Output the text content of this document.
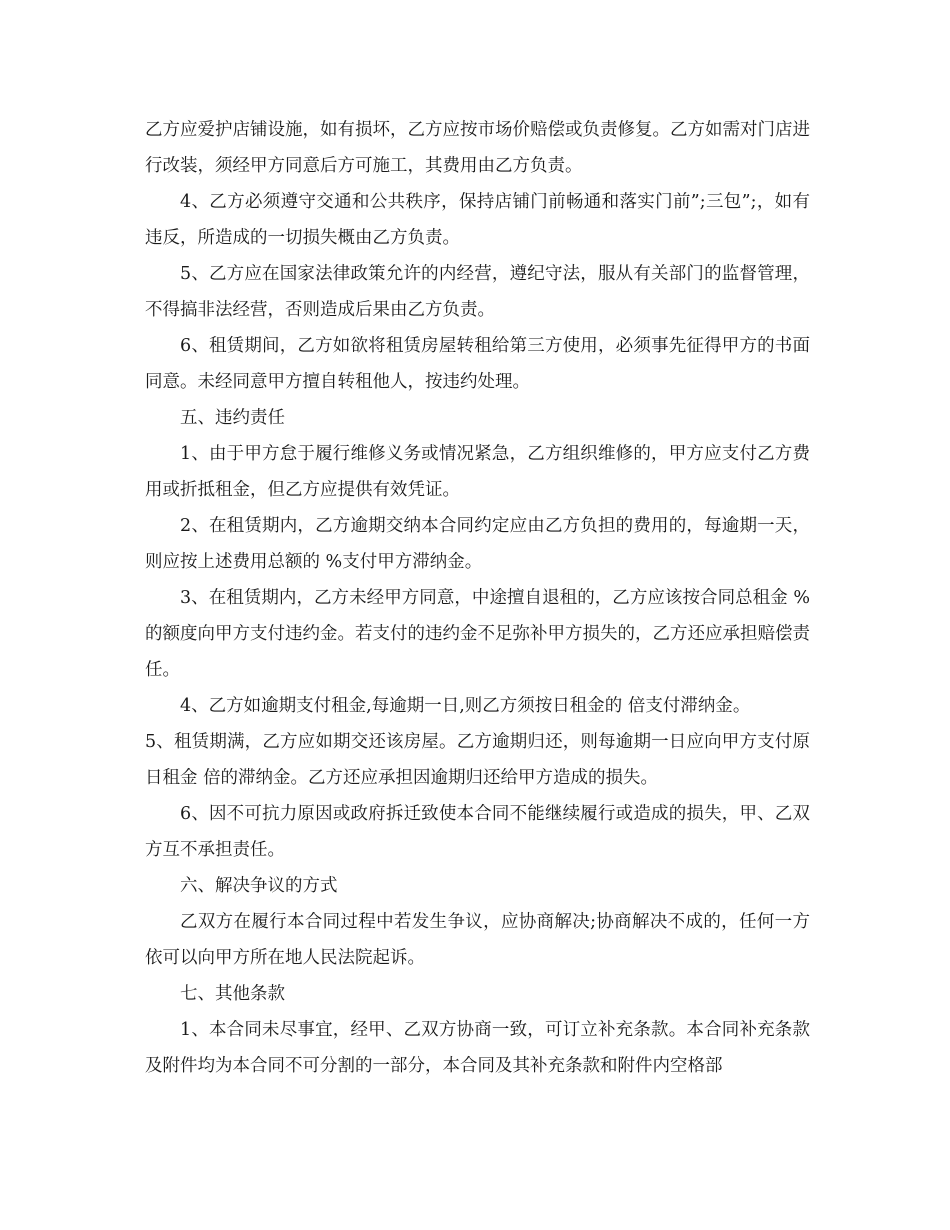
乙方应爱护店铺设施，如有损坏，乙方应按市场价赔偿或负责修复。乙方如需对门店进行改装，须经甲方同意后方可施工，其费用由乙方负责。

4、乙方必须遵守交通和公共秩序，保持店铺门前畅通和落实门前”;三包”;，如有违反，所造成的一切损失概由乙方负责。

5、乙方应在国家法律政策允许的内经营，遵纪守法，服从有关部门的监督管理，不得搞非法经营，否则造成后果由乙方负责。

6、租赁期间，乙方如欲将租赁房屋转租给第三方使用，必须事先征得甲方的书面同意。未经同意甲方擅自转租他人，按违约处理。

五、违约责任

1、由于甲方怠于履行维修义务或情况紧急，乙方组织维修的，甲方应支付乙方费用或折抵租金，但乙方应提供有效凭证。

2、在租赁期内，乙方逾期交纳本合同约定应由乙方负担的费用的，每逾期一天，则应按上述费用总额的 %支付甲方滞纳金。

3、在租赁期内，乙方未经甲方同意，中途擅自退租的，乙方应该按合同总租金 %的额度向甲方支付违约金。若支付的违约金不足弥补甲方损失的，乙方还应承担赔偿责任。

4、乙方如逾期支付租金,每逾期一日,则乙方须按日租金的 倍支付滞纳金。

5、租赁期满，乙方应如期交还该房屋。乙方逾期归还，则每逾期一日应向甲方支付原日租金 倍的滞纳金。乙方还应承担因逾期归还给甲方造成的损失。

6、因不可抗力原因或政府拆迁致使本合同不能继续履行或造成的损失，甲、乙双方互不承担责任。

六、解决争议的方式

乙双方在履行本合同过程中若发生争议，应协商解决;协商解决不成的，任何一方依可以向甲方所在地人民法院起诉。

七、其他条款

1、本合同未尽事宜，经甲、乙双方协商一致，可订立补充条款。本合同补充条款及附件均为本合同不可分割的一部分，本合同及其补充条款和附件内空格部
